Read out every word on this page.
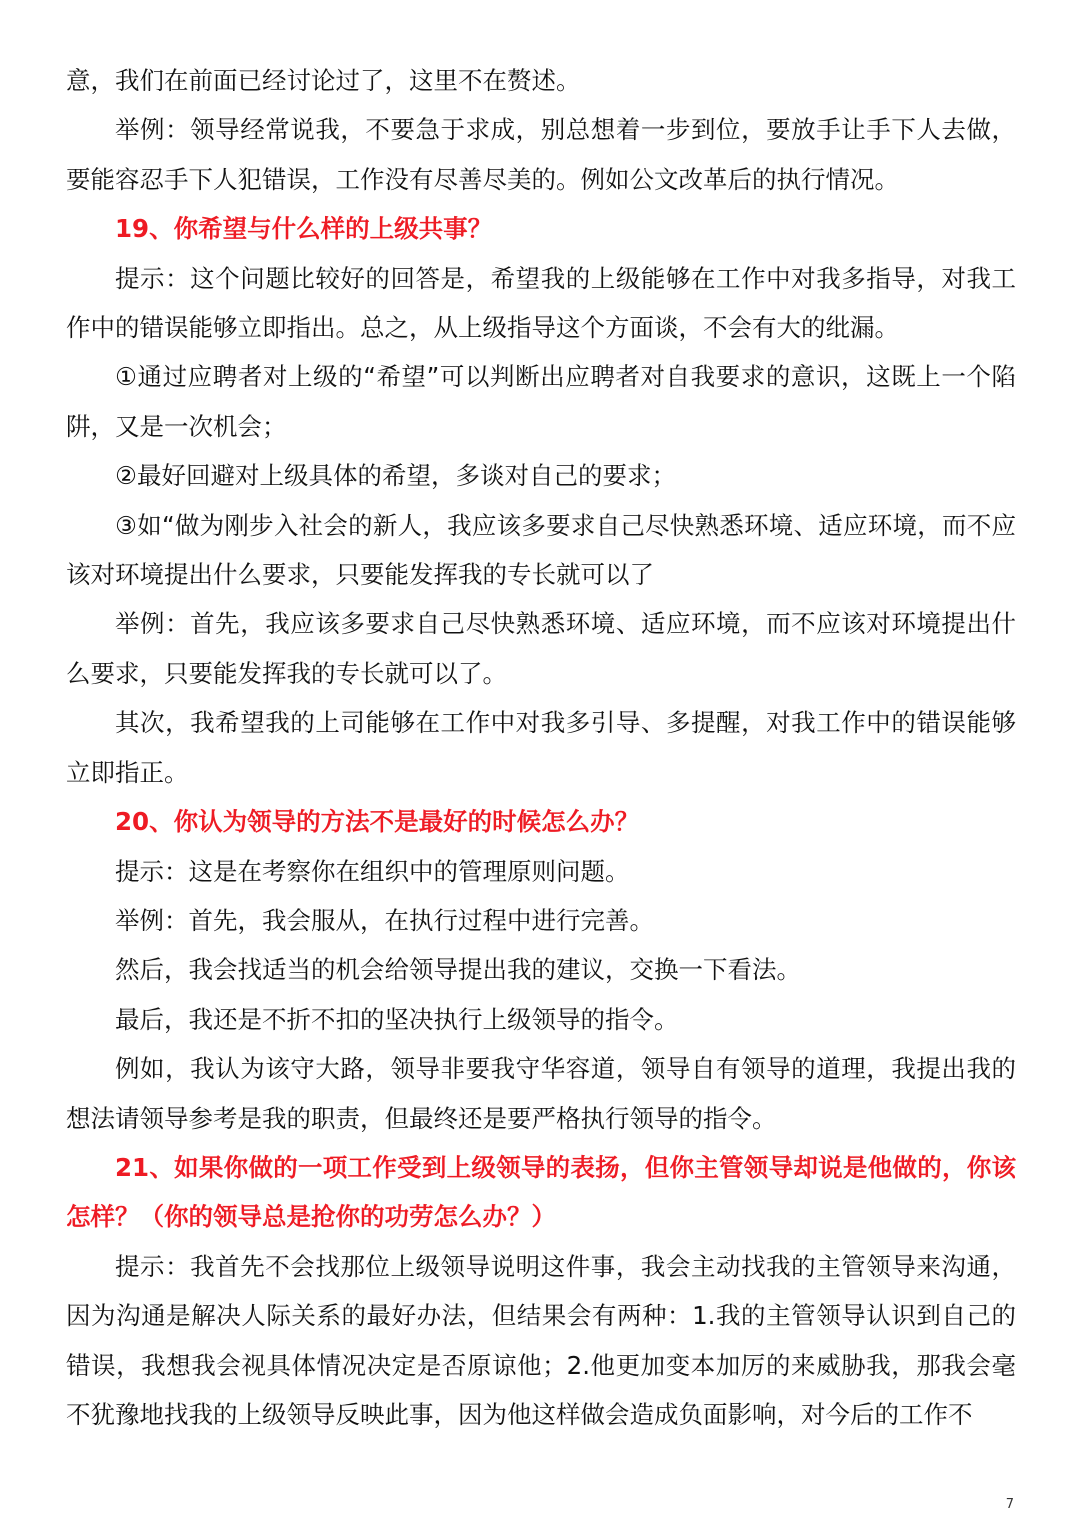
意，我们在前面已经讨论过了，这里不在赘述。

举例：领导经常说我，不要急于求成，别总想着一步到位，要放手让手下人去做，要能容忍手下人犯错误，工作没有尽善尽美的。例如公文改革后的执行情况。

19、你希望与什么样的上级共事？

提示：这个问题比较好的回答是，希望我的上级能够在工作中对我多指导，对我工作中的错误能够立即指出。总之，从上级指导这个方面谈，不会有大的纰漏。

①通过应聘者对上级的“希望”可以判断出应聘者对自我要求的意识，这既上一个陷阱，又是一次机会；

②最好回避对上级具体的希望，多谈对自己的要求；

③如“做为刚步入社会的新人，我应该多要求自己尽快熟悉环境、适应环境，而不应该对环境提出什么要求，只要能发挥我的专长就可以了

举例：首先，我应该多要求自己尽快熟悉环境、适应环境，而不应该对环境提出什么要求，只要能发挥我的专长就可以了。

其次，我希望我的上司能够在工作中对我多引导、多提醒，对我工作中的错误能够立即指正。

20、你认为领导的方法不是最好的时候怎么办？

提示：这是在考察你在组织中的管理原则问题。

举例：首先，我会服从，在执行过程中进行完善。

然后，我会找适当的机会给领导提出我的建议，交换一下看法。

最后，我还是不折不扣的坚决执行上级领导的指令。

例如，我认为该守大路，领导非要我守华容道，领导自有领导的道理，我提出我的想法请领导参考是我的职责，但最终还是要严格执行领导的指令。

21、如果你做的一项工作受到上级领导的表扬，但你主管领导却说是他做的，你该怎样？（你的领导总是抢你的功劳怎么办？）

提示：我首先不会找那位上级领导说明这件事，我会主动找我的主管领导来沟通，因为沟通是解决人际关系的最好办法，但结果会有两种：1.我的主管领导认识到自己的错误，我想我会视具体情况决定是否原谅他；2.他更加变本加厉的来威胁我，那我会毫不犹豫地找我的上级领导反映此事，因为他这样做会造成负面影响，对今后的工作不

7
